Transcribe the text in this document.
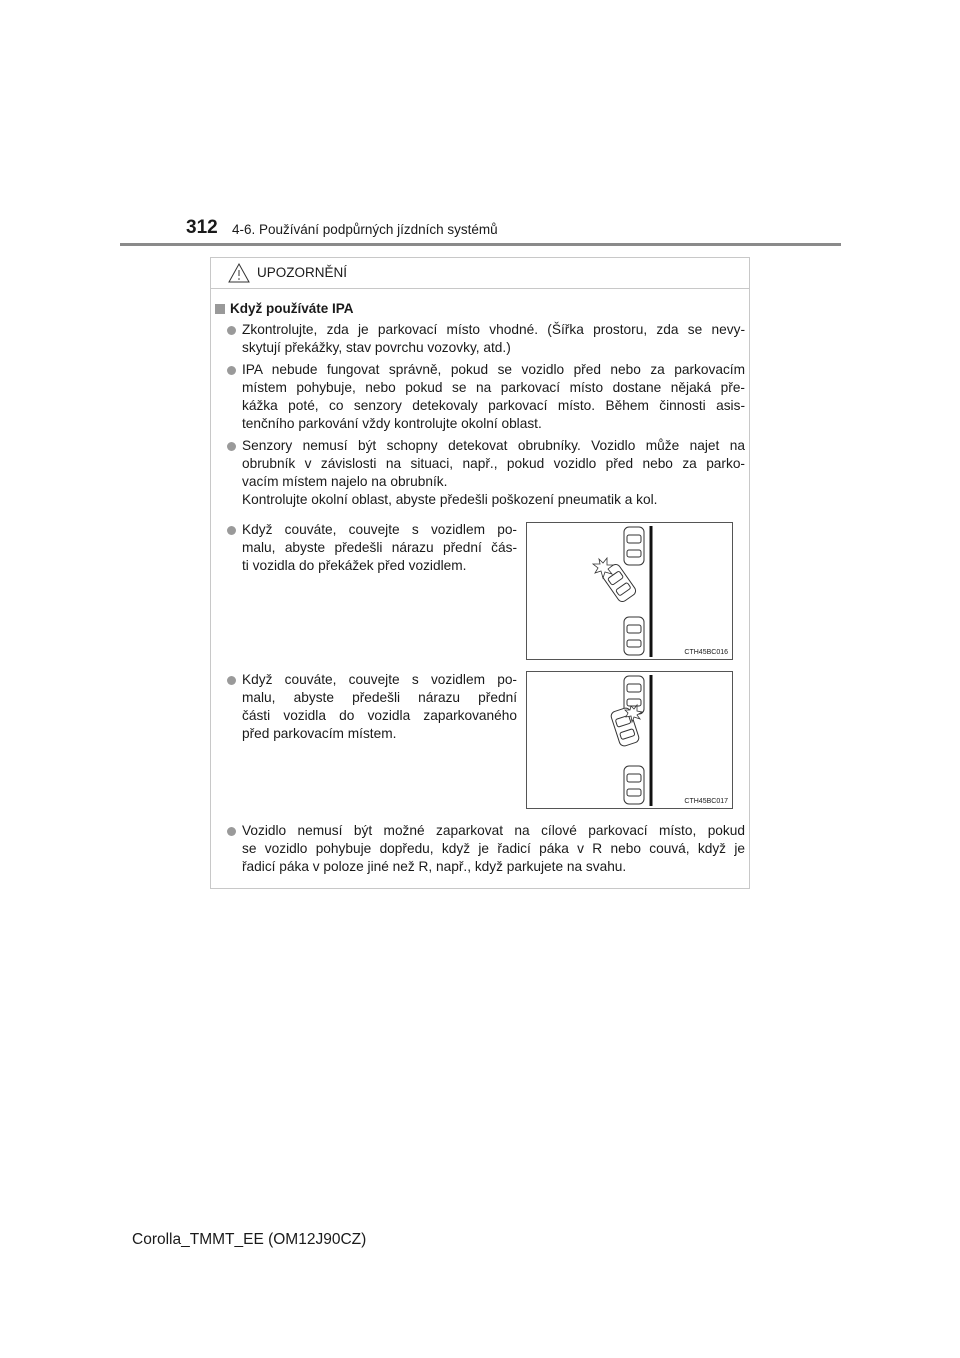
312 4-6. Používání podpůrných jízdních systémů
UPOZORNĚNÍ
Když používáte IPA
Zkontrolujte, zda je parkovací místo vhodné. (Šířka prostoru, zda se nevy-
skytují překážky, stav povrchu vozovky, atd.)
IPA nebude fungovat správně, pokud se vozidlo před nebo za parkovacím
místem pohybuje, nebo pokud se na parkovací místo dostane nějaká pře-
kážka poté, co senzory detekovaly parkovací místo. Během činnosti asis-
tenčního parkování vždy kontrolujte okolní oblast.
Senzory nemusí být schopny detekovat obrubníky. Vozidlo může najet na
obrubník v závislosti na situaci, např., pokud vozidlo před nebo za parko-
vacím místem najelo na obrubník.
Kontrolujte okolní oblast, abyste předešli poškození pneumatik a kol.
Když couváte, couvejte s vozidlem po-
malu, abyste předešli nárazu přední čás-
ti vozidla do překážek před vozidlem.
CTH45BC016
Když couváte, couvejte s vozidlem po-
malu, abyste předešli nárazu přední
části vozidla do vozidla zaparkovaného
před parkovacím místem.
CTH45BC017
Vozidlo nemusí být možné zaparkovat na cílové parkovací místo, pokud
se vozidlo pohybuje dopředu, když je řadicí páka v R nebo couvá, když je
řadicí páka v poloze jiné než R, např., když parkujete na svahu.
Corolla_TMMT_EE (OM12J90CZ)
